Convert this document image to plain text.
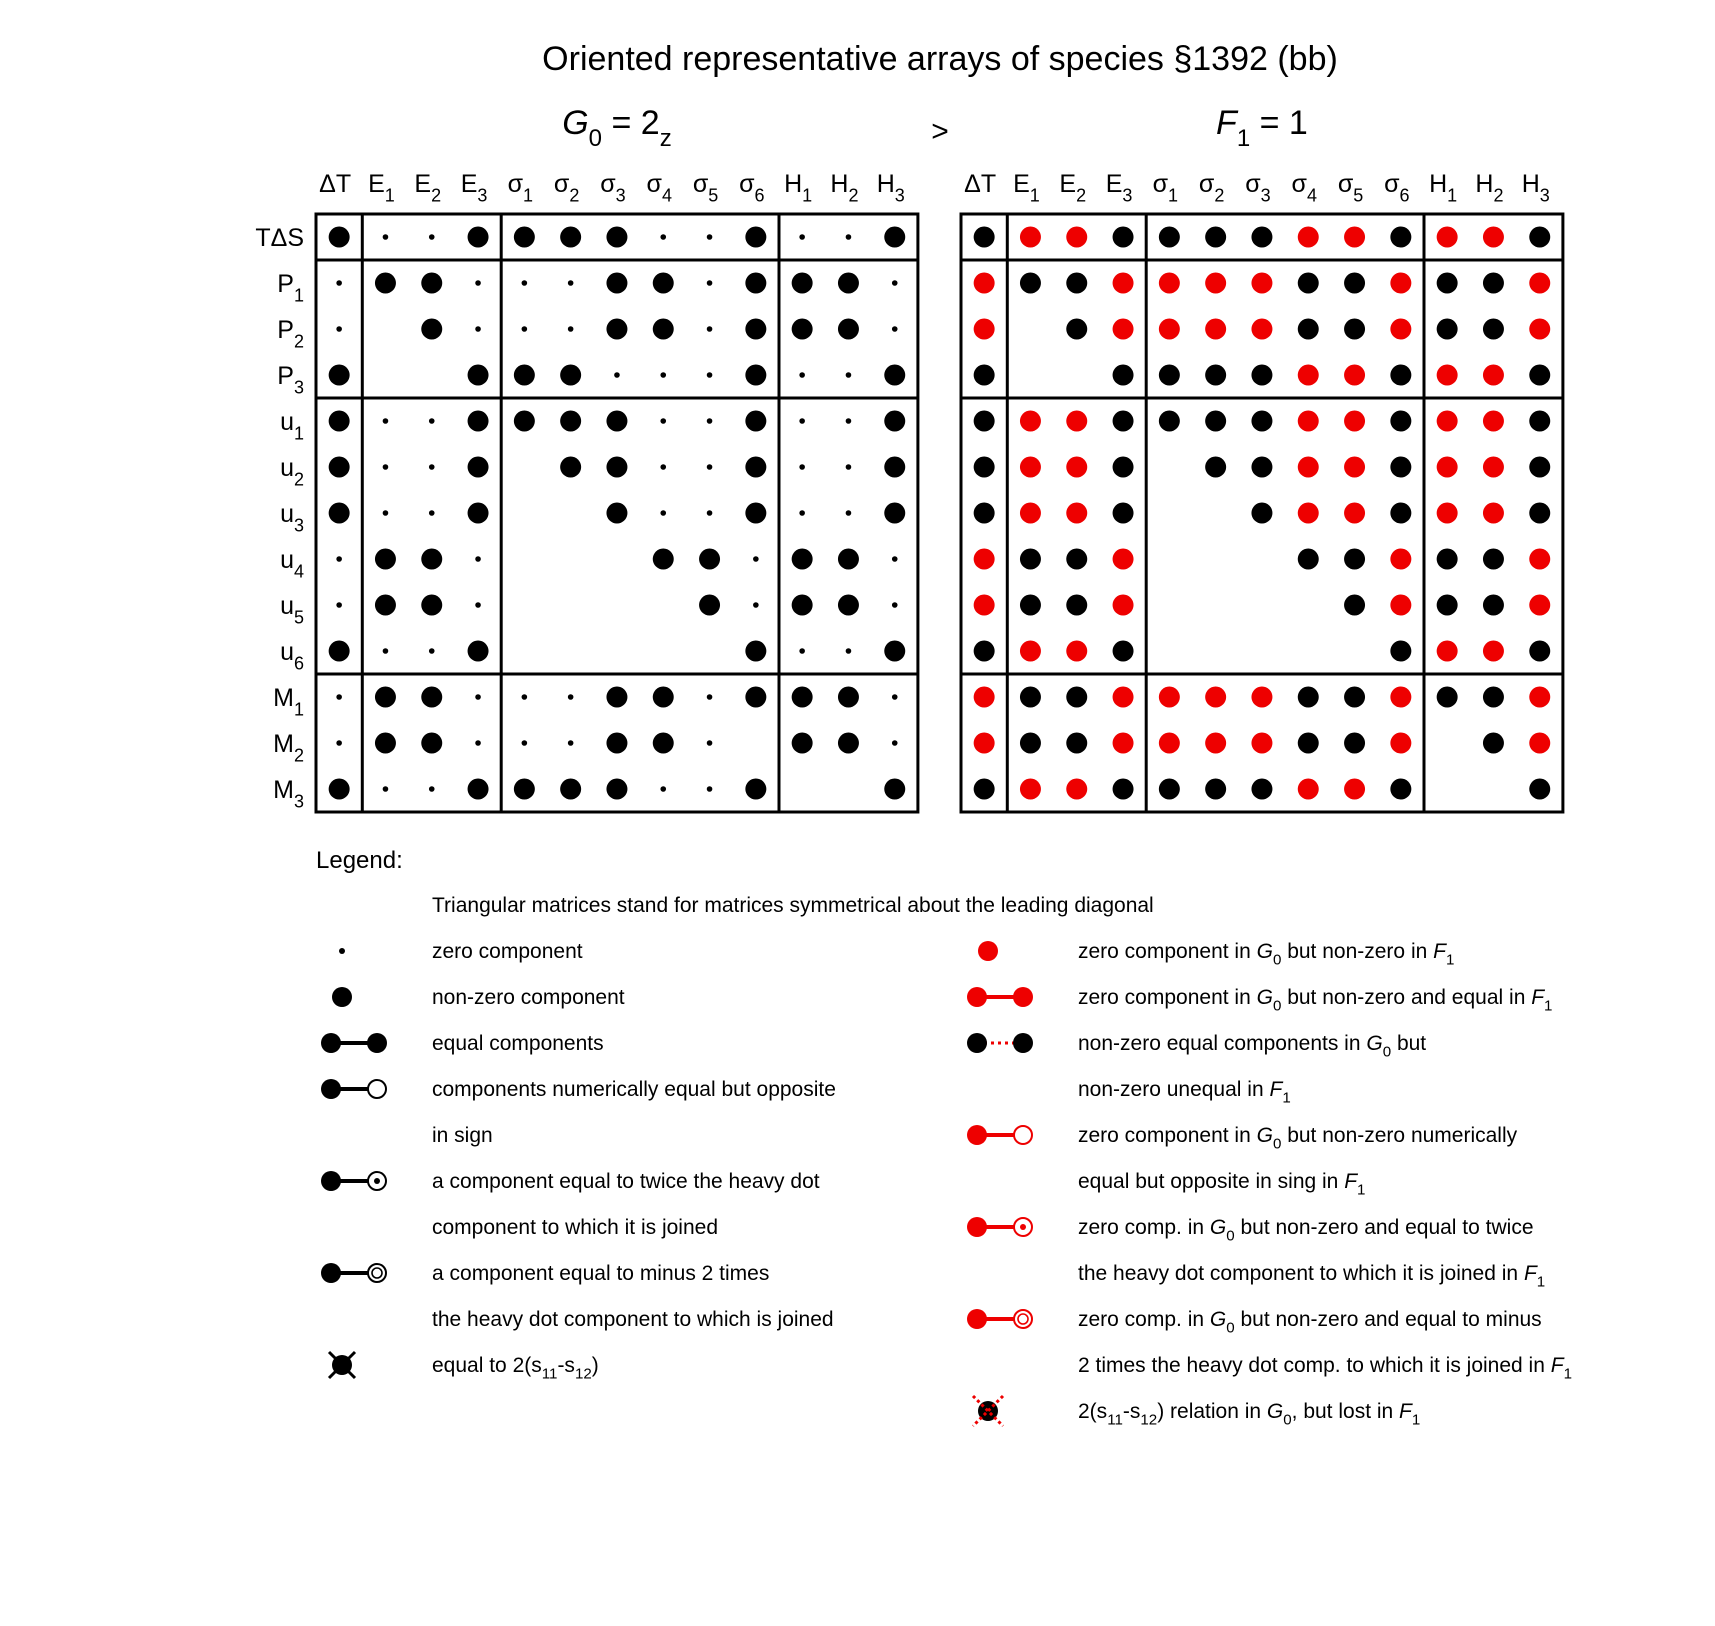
Oriented representative arrays of species §1392 (bb)
>
$G_0 = 2_z$
ΔT $E_1$ $E_2$ $E_3$ $\sigma_1$ $\sigma_2$ $\sigma_3$ $\sigma_4$ $\sigma_5$ $\sigma_6$ $H_1$ $H_2$ $H_3$
TΔS
$P_1$
$P_2$
$P_3$
$u_1$
$u_2$
$u_3$
$u_4$
$u_5$
$u_6$
$M_1$
$M_2$
$M_3$
$F_1 = 1$
ΔT $E_1$ $E_2$ $E_3$ $\sigma_1$ $\sigma_2$ $\sigma_3$ $\sigma_4$ $\sigma_5$ $\sigma_6$ $H_1$ $H_2$ $H_3$
Legend:
Triangular matrices stand for matrices symmetrical about the leading diagonal
zero component
non-zero component
equal components
components numerically equal but opposite
in sign
a component equal to twice the heavy dot
component to which it is joined
a component equal to minus 2 times
the heavy dot component to which is joined
equal to $2(s_{11}-s_{12})$
zero component in $G_0$ but non-zero in $F_1$
zero component in $G_0$ but non-zero and equal in $F_1$
non-zero equal components in $G_0$ but
non-zero unequal in $F_1$
zero component in $G_0$ but non-zero numerically
equal but opposite in sing in $F_1$
zero comp. in $G_0$ but non-zero and equal to twice
the heavy dot component to which it is joined in $F_1$
zero comp. in $G_0$ but non-zero and equal to minus
2 times the heavy dot comp. to which it is joined in $F_1$
$2(s_{11}-s_{12})$ relation in $G_0$, but lost in $F_1$
